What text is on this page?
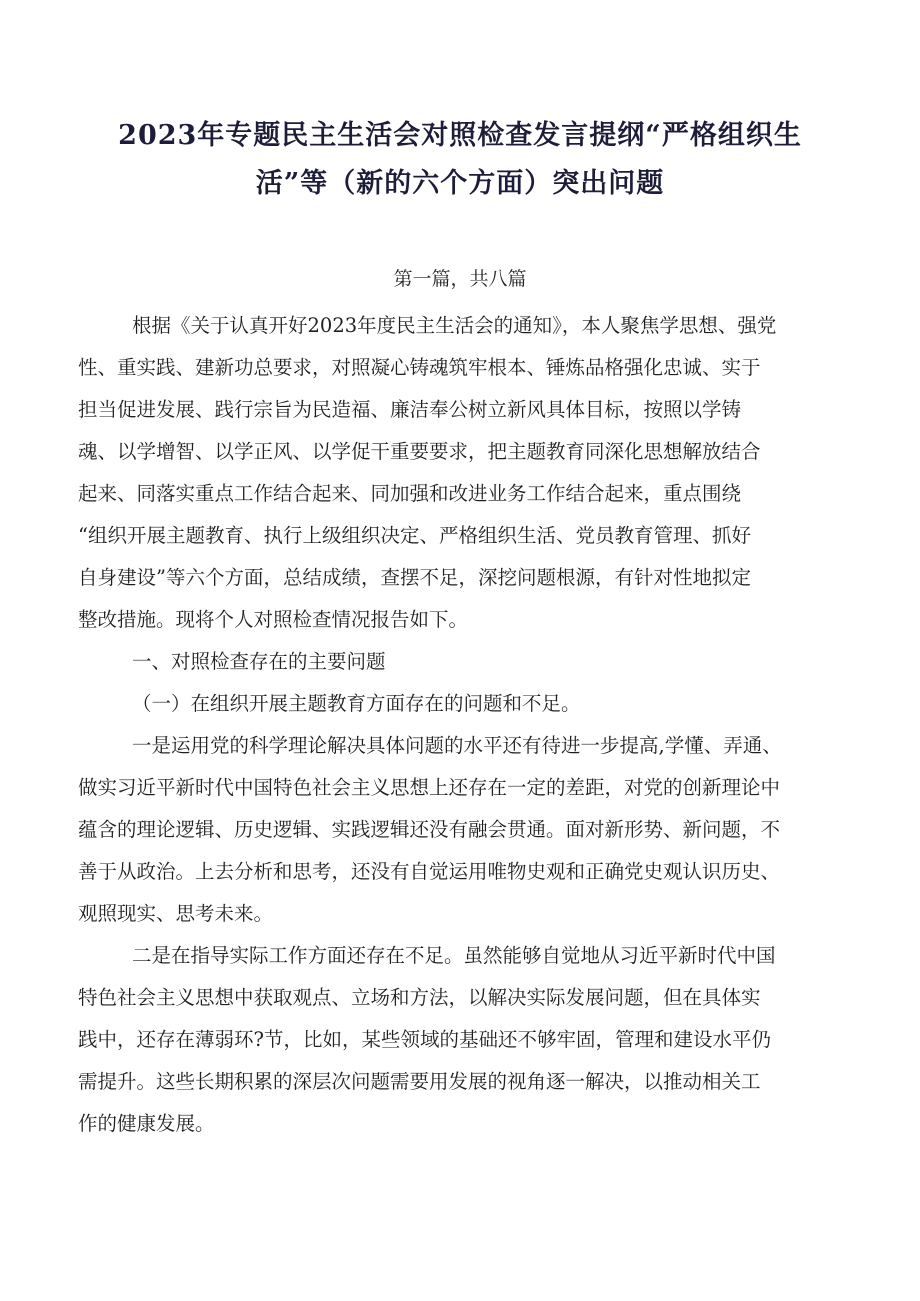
2023年专题民主生活会对照检查发言提纲“严格组织生
活”等（新的六个方面）突出问题
第一篇，共八篇
根据《关于认真开好2023年度民主生活会的通知》，本人聚焦学思想、强党
性、重实践、建新功总要求，对照凝心铸魂筑牢根本、锤炼品格强化忠诚、实于
担当促进发展、践行宗旨为民造福、廉洁奉公树立新风具体目标，按照以学铸
魂、以学增智、以学正风、以学促干重要要求，把主题教育同深化思想解放结合
起来、同落实重点工作结合起来、同加强和改进业务工作结合起来，重点围绕
“组织开展主题教育、执行上级组织决定、严格组织生活、党员教育管理、抓好
自身建设”等六个方面，总结成绩，查摆不足，深挖问题根源，有针对性地拟定
整改措施。现将个人对照检查情况报告如下。
一、对照检查存在的主要问题
（一）在组织开展主题教育方面存在的问题和不足。
一是运用党的科学理论解决具体问题的水平还有待进一步提高,学懂、弄通、
做实习近平新时代中国特色社会主义思想上还存在一定的差距，对党的创新理论中
蕴含的理论逻辑、历史逻辑、实践逻辑还没有融会贯通。面对新形势、新问题，不
善于从政治。上去分析和思考，还没有自觉运用唯物史观和正确党史观认识历史、
观照现实、思考未来。
二是在指导实际工作方面还存在不足。虽然能够自觉地从习近平新时代中国
特色社会主义思想中获取观点、立场和方法，以解决实际发展问题，但在具体实
践中，还存在薄弱环?节，比如，某些领域的基础还不够牢固，管理和建设水平仍
需提升。这些长期积累的深层次问题需要用发展的视角逐一解决，以推动相关工
作的健康发展。
